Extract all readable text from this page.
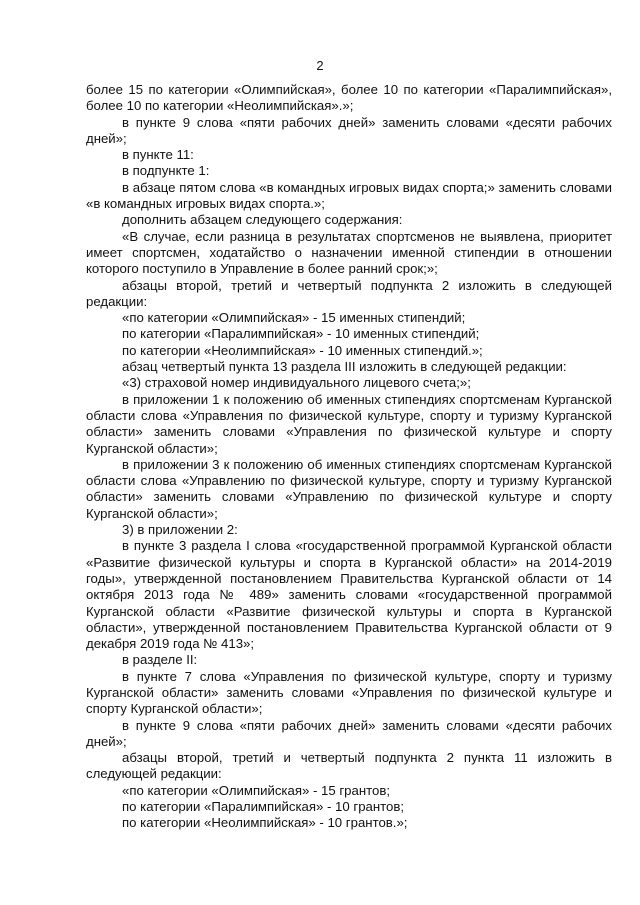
2

более 15 по категории «Олимпийская», более 10 по категории «Паралимпийская», более 10 по категории «Неолимпийская».»;

в пункте 9 слова «пяти рабочих дней» заменить словами «десяти рабочих дней»;

в пункте 11:

в подпункте 1:

в абзаце пятом слова «в командных игровых видах спорта;» заменить словами «в командных игровых видах спорта.»;

дополнить абзацем следующего содержания:

«В случае, если разница в результатах спортсменов не выявлена, приоритет имеет спортсмен, ходатайство о назначении именной стипендии в отношении которого поступило в Управление в более ранний срок;»;

абзацы второй, третий и четвертый подпункта 2 изложить в следующей редакции:

«по категории «Олимпийская» - 15 именных стипендий;

по категории «Паралимпийская» - 10 именных стипендий;

по категории «Неолимпийская» - 10 именных стипендий.»;

абзац четвертый пункта 13 раздела III изложить в следующей редакции:

«3) страховой номер индивидуального лицевого счета;»;

в приложении 1 к положению об именных стипендиях спортсменам Курганской области слова «Управления по физической культуре, спорту и туризму Курганской области» заменить словами «Управления по физической культуре и спорту Курганской области»;

в приложении 3 к положению об именных стипендиях спортсменам Курганской области слова «Управлению по физической культуре, спорту и туризму Курганской области» заменить словами «Управлению по физической культуре и спорту Курганской области»;

3) в приложении 2:

в пункте 3 раздела I слова «государственной программой Курганской области «Развитие физической культуры и спорта в Курганской области» на 2014-2019 годы», утвержденной постановлением Правительства Курганской области от 14 октября 2013 года № 489» заменить словами «государственной программой Курганской области «Развитие физической культуры и спорта в Курганской области», утвержденной постановлением Правительства Курганской области от 9 декабря 2019 года № 413»;

в разделе II:

в пункте 7 слова «Управления по физической культуре, спорту и туризму Курганской области» заменить словами «Управления по физической культуре и спорту Курганской области»;

в пункте 9 слова «пяти рабочих дней» заменить словами «десяти рабочих дней»;

абзацы второй, третий и четвертый подпункта 2 пункта 11 изложить в следующей редакции:

«по категории «Олимпийская» - 15 грантов;

по категории «Паралимпийская» - 10 грантов;

по категории «Неолимпийская» - 10 грантов.»;
